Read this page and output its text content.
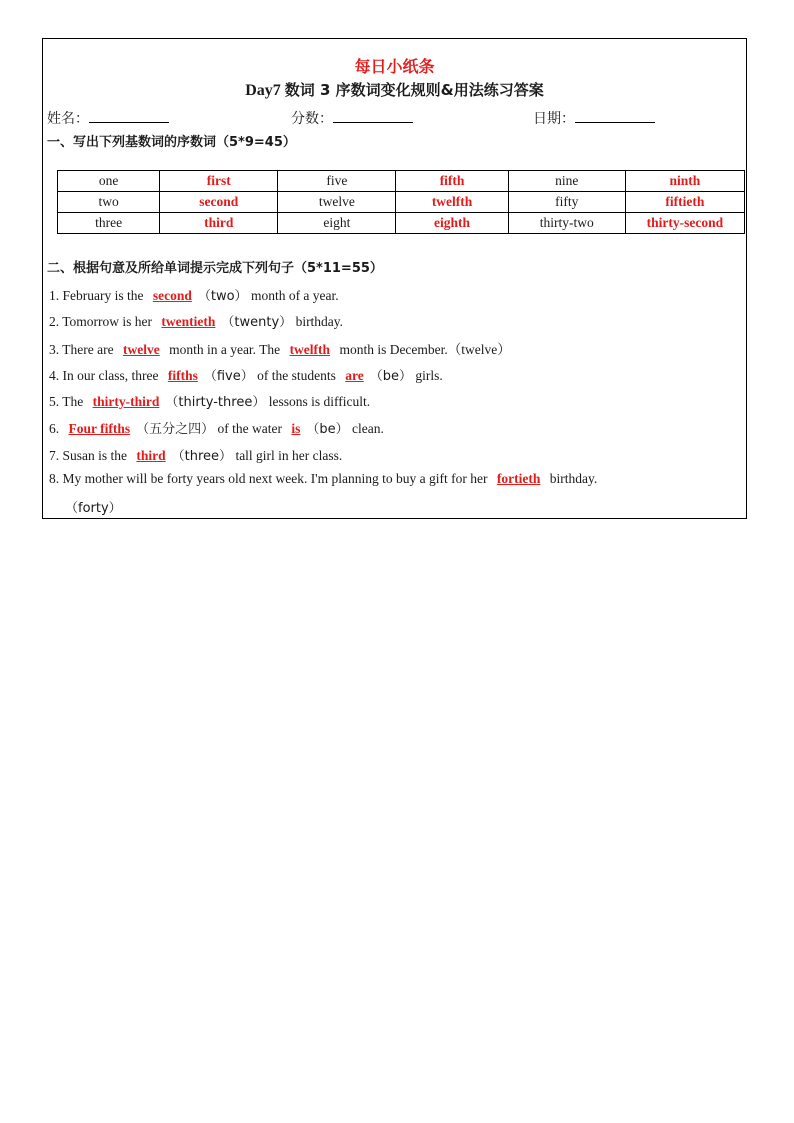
每日小纸条
Day7 数词 3 序数词变化规则&用法练习答案
姓名：	分数：	日期：
一、写出下列基数词的序数词（5*9=45）
one	first	five	fifth	nine	ninth
two	second	twelve	twelfth	fifty	fiftieth
three	third	eight	eighth	thirty-two	thirty-second
二、根据句意及所给单词提示完成下列句子（5*11=55）
1. February is the second （two） month of a year.
2. Tomorrow is her twentieth （twenty） birthday.
3. There are twelve month in a year. The twelfth month is December.（twelve）
4. In our class, three fifths （five） of the students are （be） girls.
5. The thirty-third （thirty-three） lessons is difficult.
6. Four fifths （五分之四） of the water is （be） clean.
7. Susan is the third （three） tall girl in her class.
8. My mother will be forty years old next week. I'm planning to buy a gift for her fortieth birthday.
（forty）
